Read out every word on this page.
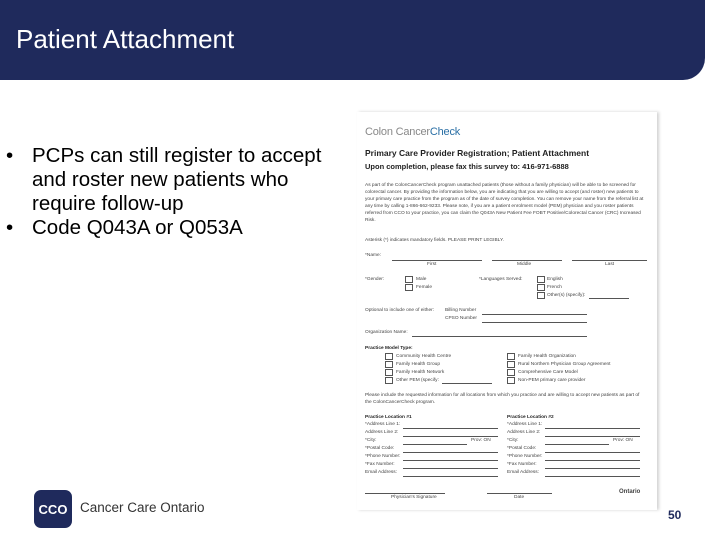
Patient Attachment
• PCPs can still register to accept and roster new patients who require follow-up
• Code Q043A or Q053A
Colon CancerCheck
Primary Care Provider Registration; Patient Attachment
Upon completion, please fax this survey to: 416-971-6888
As part of the ColonCancerCheck program unattached patients (those without a family physician) will be able to be screened for colorectal cancer. By providing the information below, you are indicating that you are willing to accept (and roster) new patients to your primary care practice from the program as of the date of survey completion. You can remove your name from the referral list at any time by calling 1-866-662-9233. Please note, if you are a patient enrolment model (PEM) physician and you roster patients referred from CCO to your practice, you can claim the Q043A New Patient Fee FOBT Positive/Colorectal Cancer (CRC) Increased Risk.
Asterisk (*) indicates mandatory fields. PLEASE PRINT LEGIBLY.
*Name:
First	Middle	Last
*Gender:	Male
Female
*Languages Served:	English
French
Other(s) (specify):
Optional to include one of either: Billing Number
CPSO Number
Organization Name:
Practice Model Type:
Community Health Centre
Family Health Group
Family Health Network
Other PEM (specify:
Family Health Organization
Rural Northern Physician Group Agreement
Comprehensive Care Model
Non-PEM primary care provider
Please include the requested information for all locations from which you practice and are willing to accept new patients as part of the ColonCancerCheck program.
Practice Location #1	Practice Location #2
*Address Line 1:
Address Line 2:
*City:	Prov: ON
*Postal Code:
*Phone Number:
*Fax Number:
Email Address:
*Address Line 1:
Address Line 2:
*City:	Prov: ON
*Postal Code:
*Phone Number:
*Fax Number:
Email Address:
Physician's Signature	Date
Ontario
CCO Cancer Care Ontario	50
